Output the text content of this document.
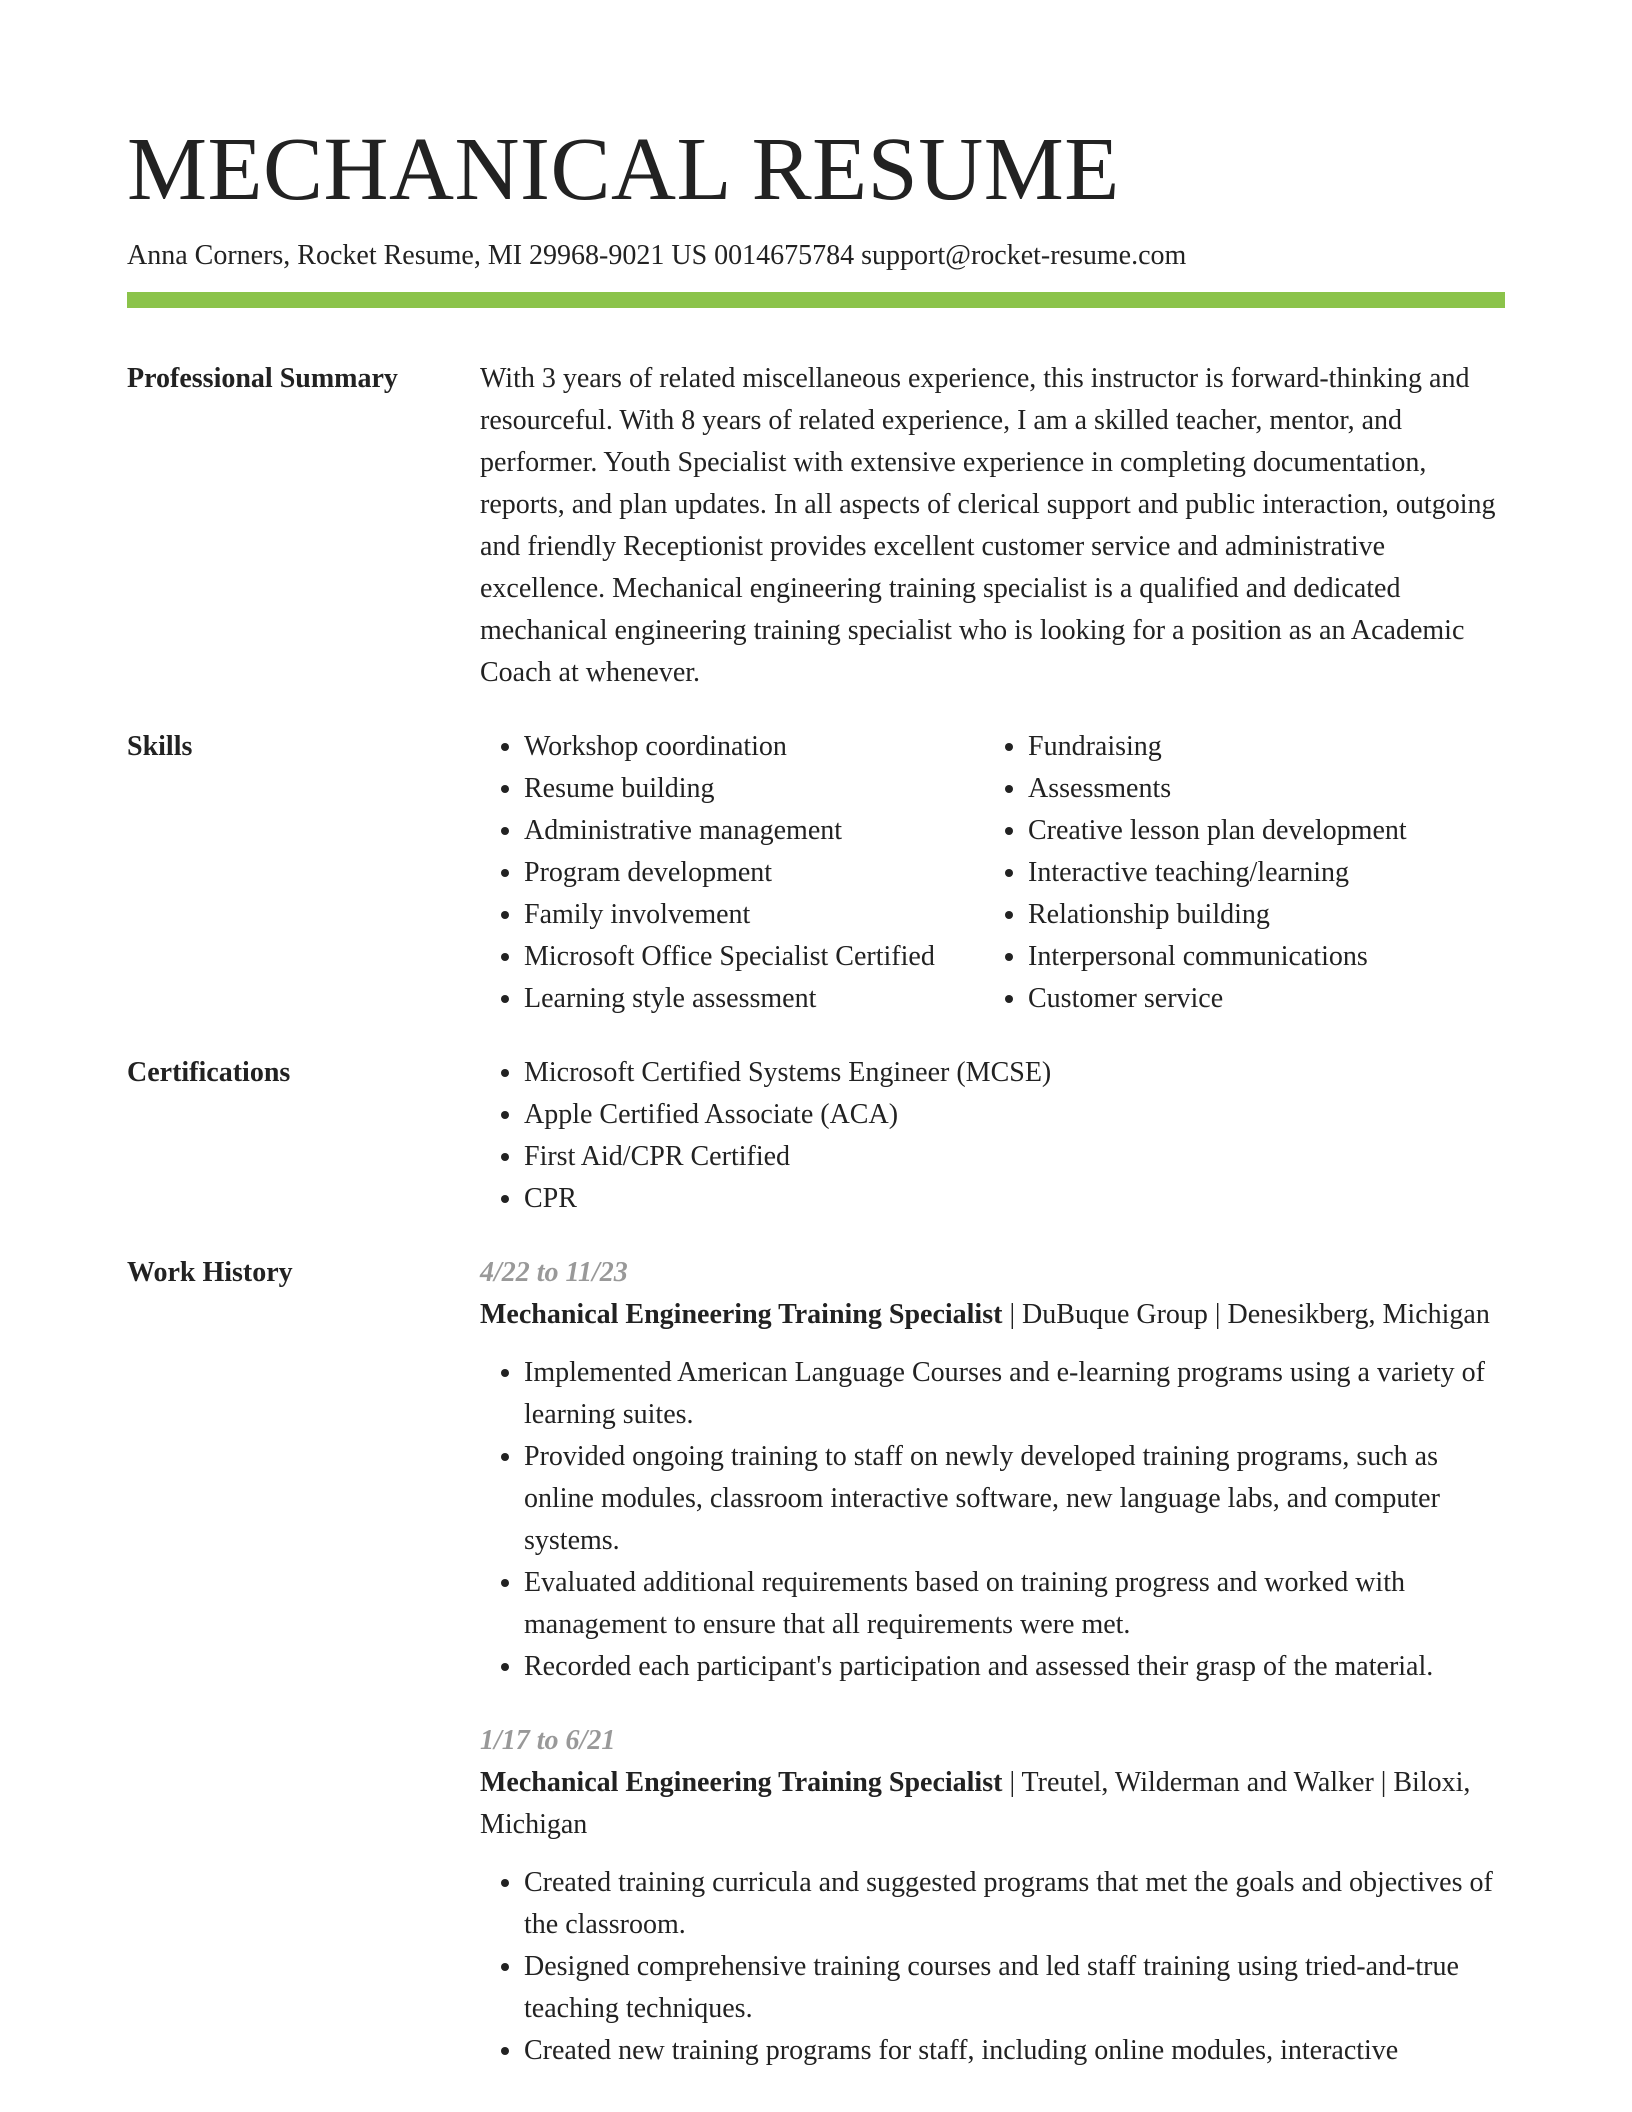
MECHANICAL RESUME
Anna Corners, Rocket Resume, MI 29968-9021 US 0014675784 support@rocket-resume.com
Professional Summary	With 3 years of related miscellaneous experience, this instructor is forward-thinking and resourceful. With 8 years of related experience, I am a skilled teacher, mentor, and performer. Youth Specialist with extensive experience in completing documentation, reports, and plan updates. In all aspects of clerical support and public interaction, outgoing and friendly Receptionist provides excellent customer service and administrative excellence. Mechanical engineering training specialist is a qualified and dedicated mechanical engineering training specialist who is looking for a position as an Academic Coach at whenever.
Skills	• Workshop coordination
• Resume building
• Administrative management
• Program development
• Family involvement
• Microsoft Office Specialist Certified
• Learning style assessment
• Fundraising
• Assessments
• Creative lesson plan development
• Interactive teaching/learning
• Relationship building
• Interpersonal communications
• Customer service
Certifications	• Microsoft Certified Systems Engineer (MCSE)
• Apple Certified Associate (ACA)
• First Aid/CPR Certified
• CPR
Work History	4/22 to 11/23
Mechanical Engineering Training Specialist | DuBuque Group | Denesikberg, Michigan
• Implemented American Language Courses and e-learning programs using a variety of learning suites.
• Provided ongoing training to staff on newly developed training programs, such as online modules, classroom interactive software, new language labs, and computer systems.
• Evaluated additional requirements based on training progress and worked with management to ensure that all requirements were met.
• Recorded each participant's participation and assessed their grasp of the material.
1/17 to 6/21
Mechanical Engineering Training Specialist | Treutel, Wilderman and Walker | Biloxi, Michigan
• Created training curricula and suggested programs that met the goals and objectives of the classroom.
• Designed comprehensive training courses and led staff training using tried-and-true teaching techniques.
• Created new training programs for staff, including online modules, interactive
